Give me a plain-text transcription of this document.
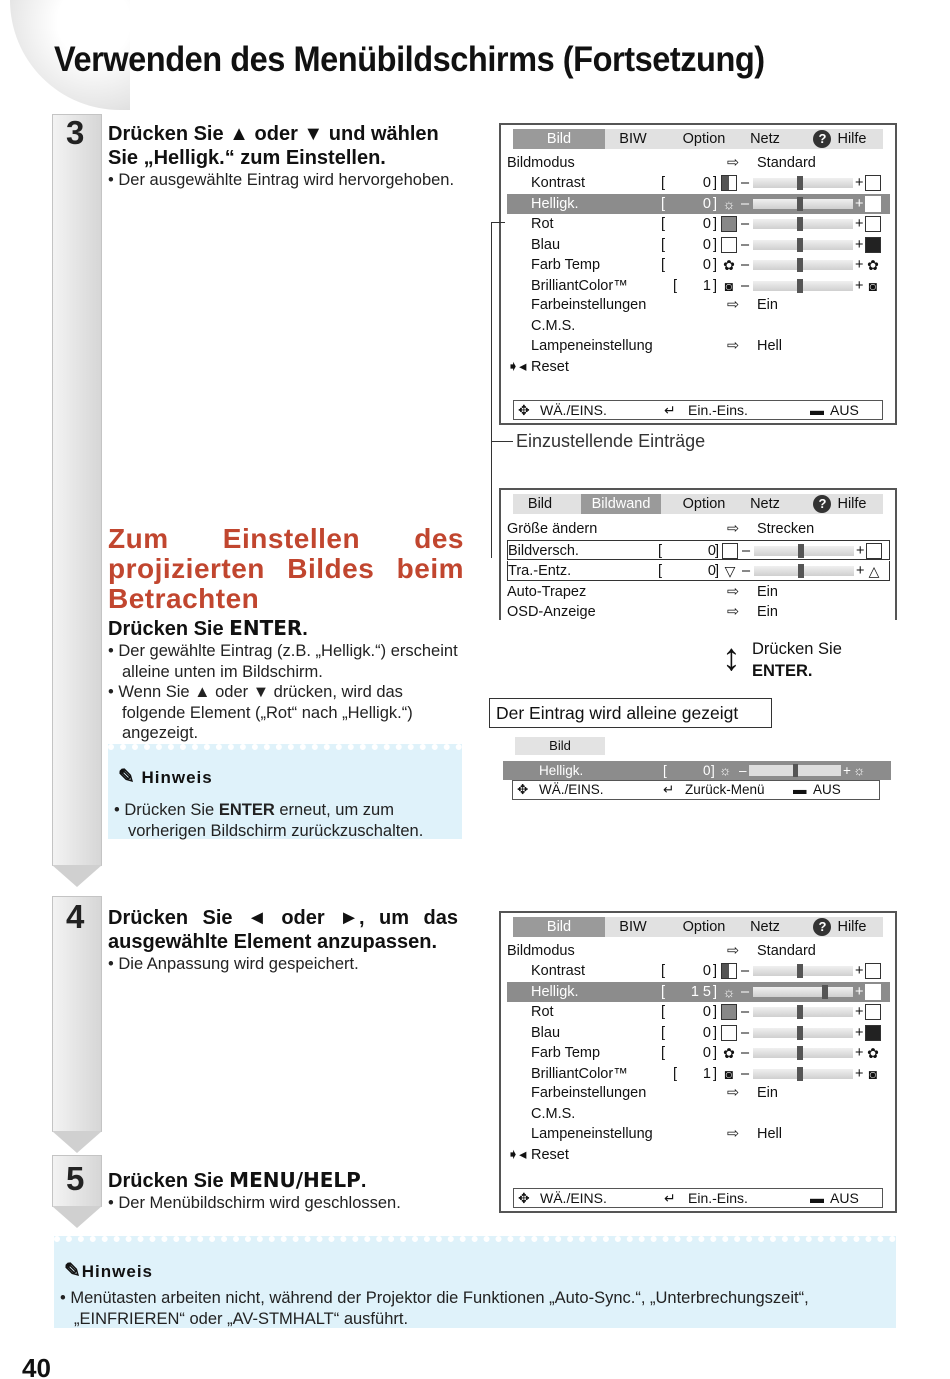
Verwenden des Menübildschirms (Fortsetzung)
3
4
5
Drücken Sie ▲ oder ▼ und wählen Sie „Helligk.“ zum Einstellen.
• Der ausgewählte Eintrag wird hervorgehoben.
Zum Einstellen des projizierten Bildes beim Betrachten
Drücken Sie ENTER.
• Der gewählte Eintrag (z.B. „Helligk.“) erscheint alleine unten im Bildschirm.
• Wenn Sie ▲ oder ▼ drücken, wird das folgende Element („Rot“ nach „Helligk.“) angezeigt.
✎ Hinweis
• Drücken Sie ENTER erneut, um zum vorherigen Bildschirm zurückzuschalten.
Drücken Sie ◄ oder ►, um das ausgewählte Element anzupassen.
• Die Anpassung wird gespeichert.
Drücken Sie MENU/HELP.
• Der Menübildschirm wird geschlossen.
✎Hinweis
• Menütasten arbeiten nicht, während der Projektor die Funktionen „Auto-Sync.“, „Unterbrechungszeit“, „EINFRIEREN“ oder „AV-STMHALT“ ausführt.
40
Bild	BIW	Option	Netz	? Hilfe
Bildmodus	⇨ Standard
Kontrast	[	0 ] –	+
Helligk.	[	0 ] ☼ –	+ ☼
Rot	[	0 ] –	+
Blau	[	0 ] –	+
Farb Temp	[	0 ] ✿ –	+ ✿
BrilliantColor™	[	1 ] ◙ –	+ ◙
Farbeinstellungen	⇨ Ein
C.M.S.
Lampeneinstellung	⇨ Hell
➧◂ Reset
✥ WÄ./EINS.	↵ Ein.-Eins.	▬ AUS
Einzustellende Einträge
Bild	Bildwand	Option	Netz	? Hilfe
Größe ändern	⇨ Strecken
Bildversch.	[	0 ] –	+
Tra.-Entz.	[	0 ] ▽ –	+ △
Auto-Trapez	⇨ Ein
OSD-Anzeige	⇨ Ein
↕ Drücken Sie
ENTER.
Der Eintrag wird alleine gezeigt
Bild
Helligk.	[	0 ] ☼ –	+ ☼
✥ WÄ./EINS.	↵ Zurück-Menü ▬ AUS
Bild	BIW	Option	Netz	? Hilfe
Bildmodus	⇨ Standard
Kontrast	[	0 ] –	+
Helligk.	[	1 5 ] ☼ –	+ ☼
Rot	[	0 ] –	+
Blau	[	0 ] –	+
Farb Temp	[	0 ] ✿ –	+ ✿
BrilliantColor™	[	1 ] ◙ –	+ ◙
Farbeinstellungen	⇨ Ein
C.M.S.
Lampeneinstellung	⇨ Hell
➧◂ Reset
✥ WÄ./EINS.	↵ Ein.-Eins.	▬ AUS
